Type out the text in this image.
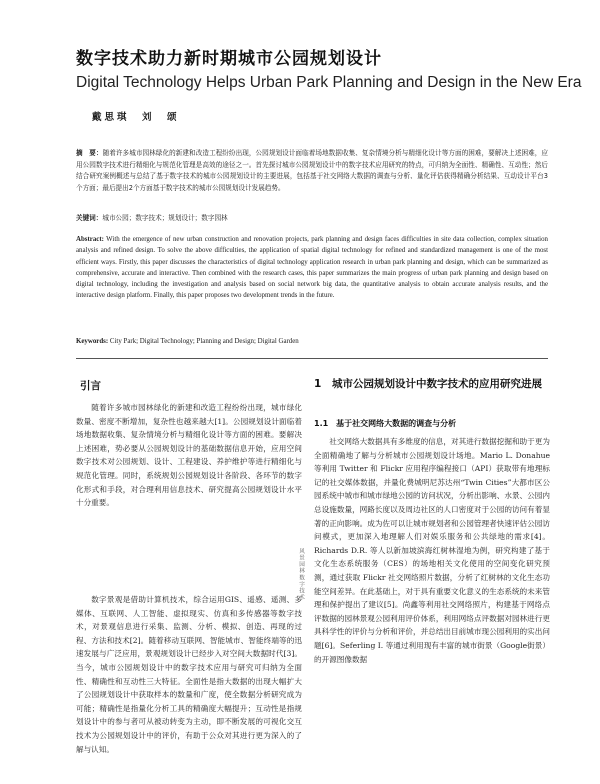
数字技术助力新时期城市公园规划设计
Digital Technology Helps Urban Park Planning and Design in the New Era
戴思琪　刘　颂
摘　要：随着许多城市园林绿化的新建和改造工程纷纷出现，公园规划设计面临着场地数据收集、复杂情境分析与精细化设计等方面的困难，要解决上述困难，应用公园数字技术进行精细化与规范化管理是高效的途径之一。首先探讨城市公园规划设计中的数字技术应用研究的特点，可归纳为全面性、精确性、互动性；然后结合研究案例概述与总结了基于数字技术的城市公园规划设计的主要进展，包括基于社交网络大数据的调查与分析、量化评估获得精确分析结果、互动设计平台3个方面；最后提出2个方面基于数字技术的城市公园规划设计发展趋势。
关键词：城市公园；数字技术；规划设计；数字园林
Abstract: With the emergence of new urban construction and renovation projects, park planning and design faces difficulties in site data collection, complex situation analysis and refined design. To solve the above difficulties, the application of spatial digital technology for refined and standardized management is one of the most efficient ways. Firstly, this paper discusses the characteristics of digital technology application research in urban park planning and design, which can be summarized as comprehensive, accurate and interactive. Then combined with the research cases, this paper summarizes the main progress of urban park planning and design based on digital technology, including the investigation and analysis based on social network big data, the quantitative analysis to obtain accurate analysis results, and the interactive design platform. Finally, this paper proposes two development trends in the future.
Keywords: City Park; Digital Technology; Planning and Design; Digital Garden
引言

随着许多城市园林绿化的新建和改造工程纷纷出现，城市绿化数量、密度不断增加，复杂性也越来越大[1]。公园规划设计面临着场地数据收集、复杂情境分析与精细化设计等方面的困难。要解决上述困难，势必要从公园规划设计的基础数据信息开始，应用空间数字技术对公园规划、设计、工程建设、养护维护等进行精细化与规范化管理。同时，系统规划公园规划设计各阶段、各环节的数字化形式和手段，对合理利用信息技术、研究提高公园规划设计水平十分重要。

数字景观是借助计算机技术，综合运用GIS、遥感、遥测、多媒体、互联网、人工智能、虚拟现实、仿真和多传感器等数字技术，对景观信息进行采集、监测、分析、模拟、创造、再现的过程、方法和技术[2]。随着移动互联网、智能城市、智能终端等的迅速发展与广泛应用，景观规划设计已经步入对空间大数据时代[3]。当今，城市公园规划设计中的数字技术应用与研究可归纳为全面性、精确性和互动性三大特征。全面性是指大数据的出现大幅扩大了公园规划设计中获取样本的数量和广度，使全数据分析研究成为可能；精确性是指量化分析工具的精确度大幅提升；互动性是指规划设计中的参与者可从被动转变为主动，即不断发展的可视化交互技术为公园规划设计中的评价，有助于公众对其进行更为深入的了解与认知。

风景园林数字技术
1 城市公园规划设计中数字技术的应用研究进展
1.1　基于社交网络大数据的调查与分析

社交网络大数据具有多维度的信息，对其进行数据挖掘和助于更为全面精确地了解与分析城市公园规划设计场地。Mario L. Donahue 等利用 Twitter 和 Flickr 应用程序编程接口（API）获取带有地理标记的社交媒体数据，并量化费城明尼苏达州“Twin Cities”大都市区公园系统中城市和城市绿地公园的访问状况，分析出影响、水景、公园内总设施数量，网路长度以及周边社区的人口密度对于公园的访问有着显著的正向影响。成为佐可以让城市规划者和公园管理者快速评估公园访问模式，更加深入地理解人们对娱乐服务和公共绿地的需求[4]。Richards D.R. 等人以新加坡滨海红树林湿地为例，研究构建了基于文化生态系统服务（CES）的场地相关文化使用的空间变化研究预测，通过获取 Flickr 社交网络照片数据，分析了红树林的文化生态功能空间差异。在此基础上，对于具有重要文化意义的生态系统的未来管理和保护提出了建议[5]。尚鑫等利用社交网络照片，构建基于网络点评数据的园林景观公园利用评价体系，利用网络点评数据对园林进行更具科学性的评价与分析和评价，并总结出目前城市现公园利用的实出问题[6]。Seferling I. 等通过利用现有丰富的城市街景（Google街景）的开源图像数据
